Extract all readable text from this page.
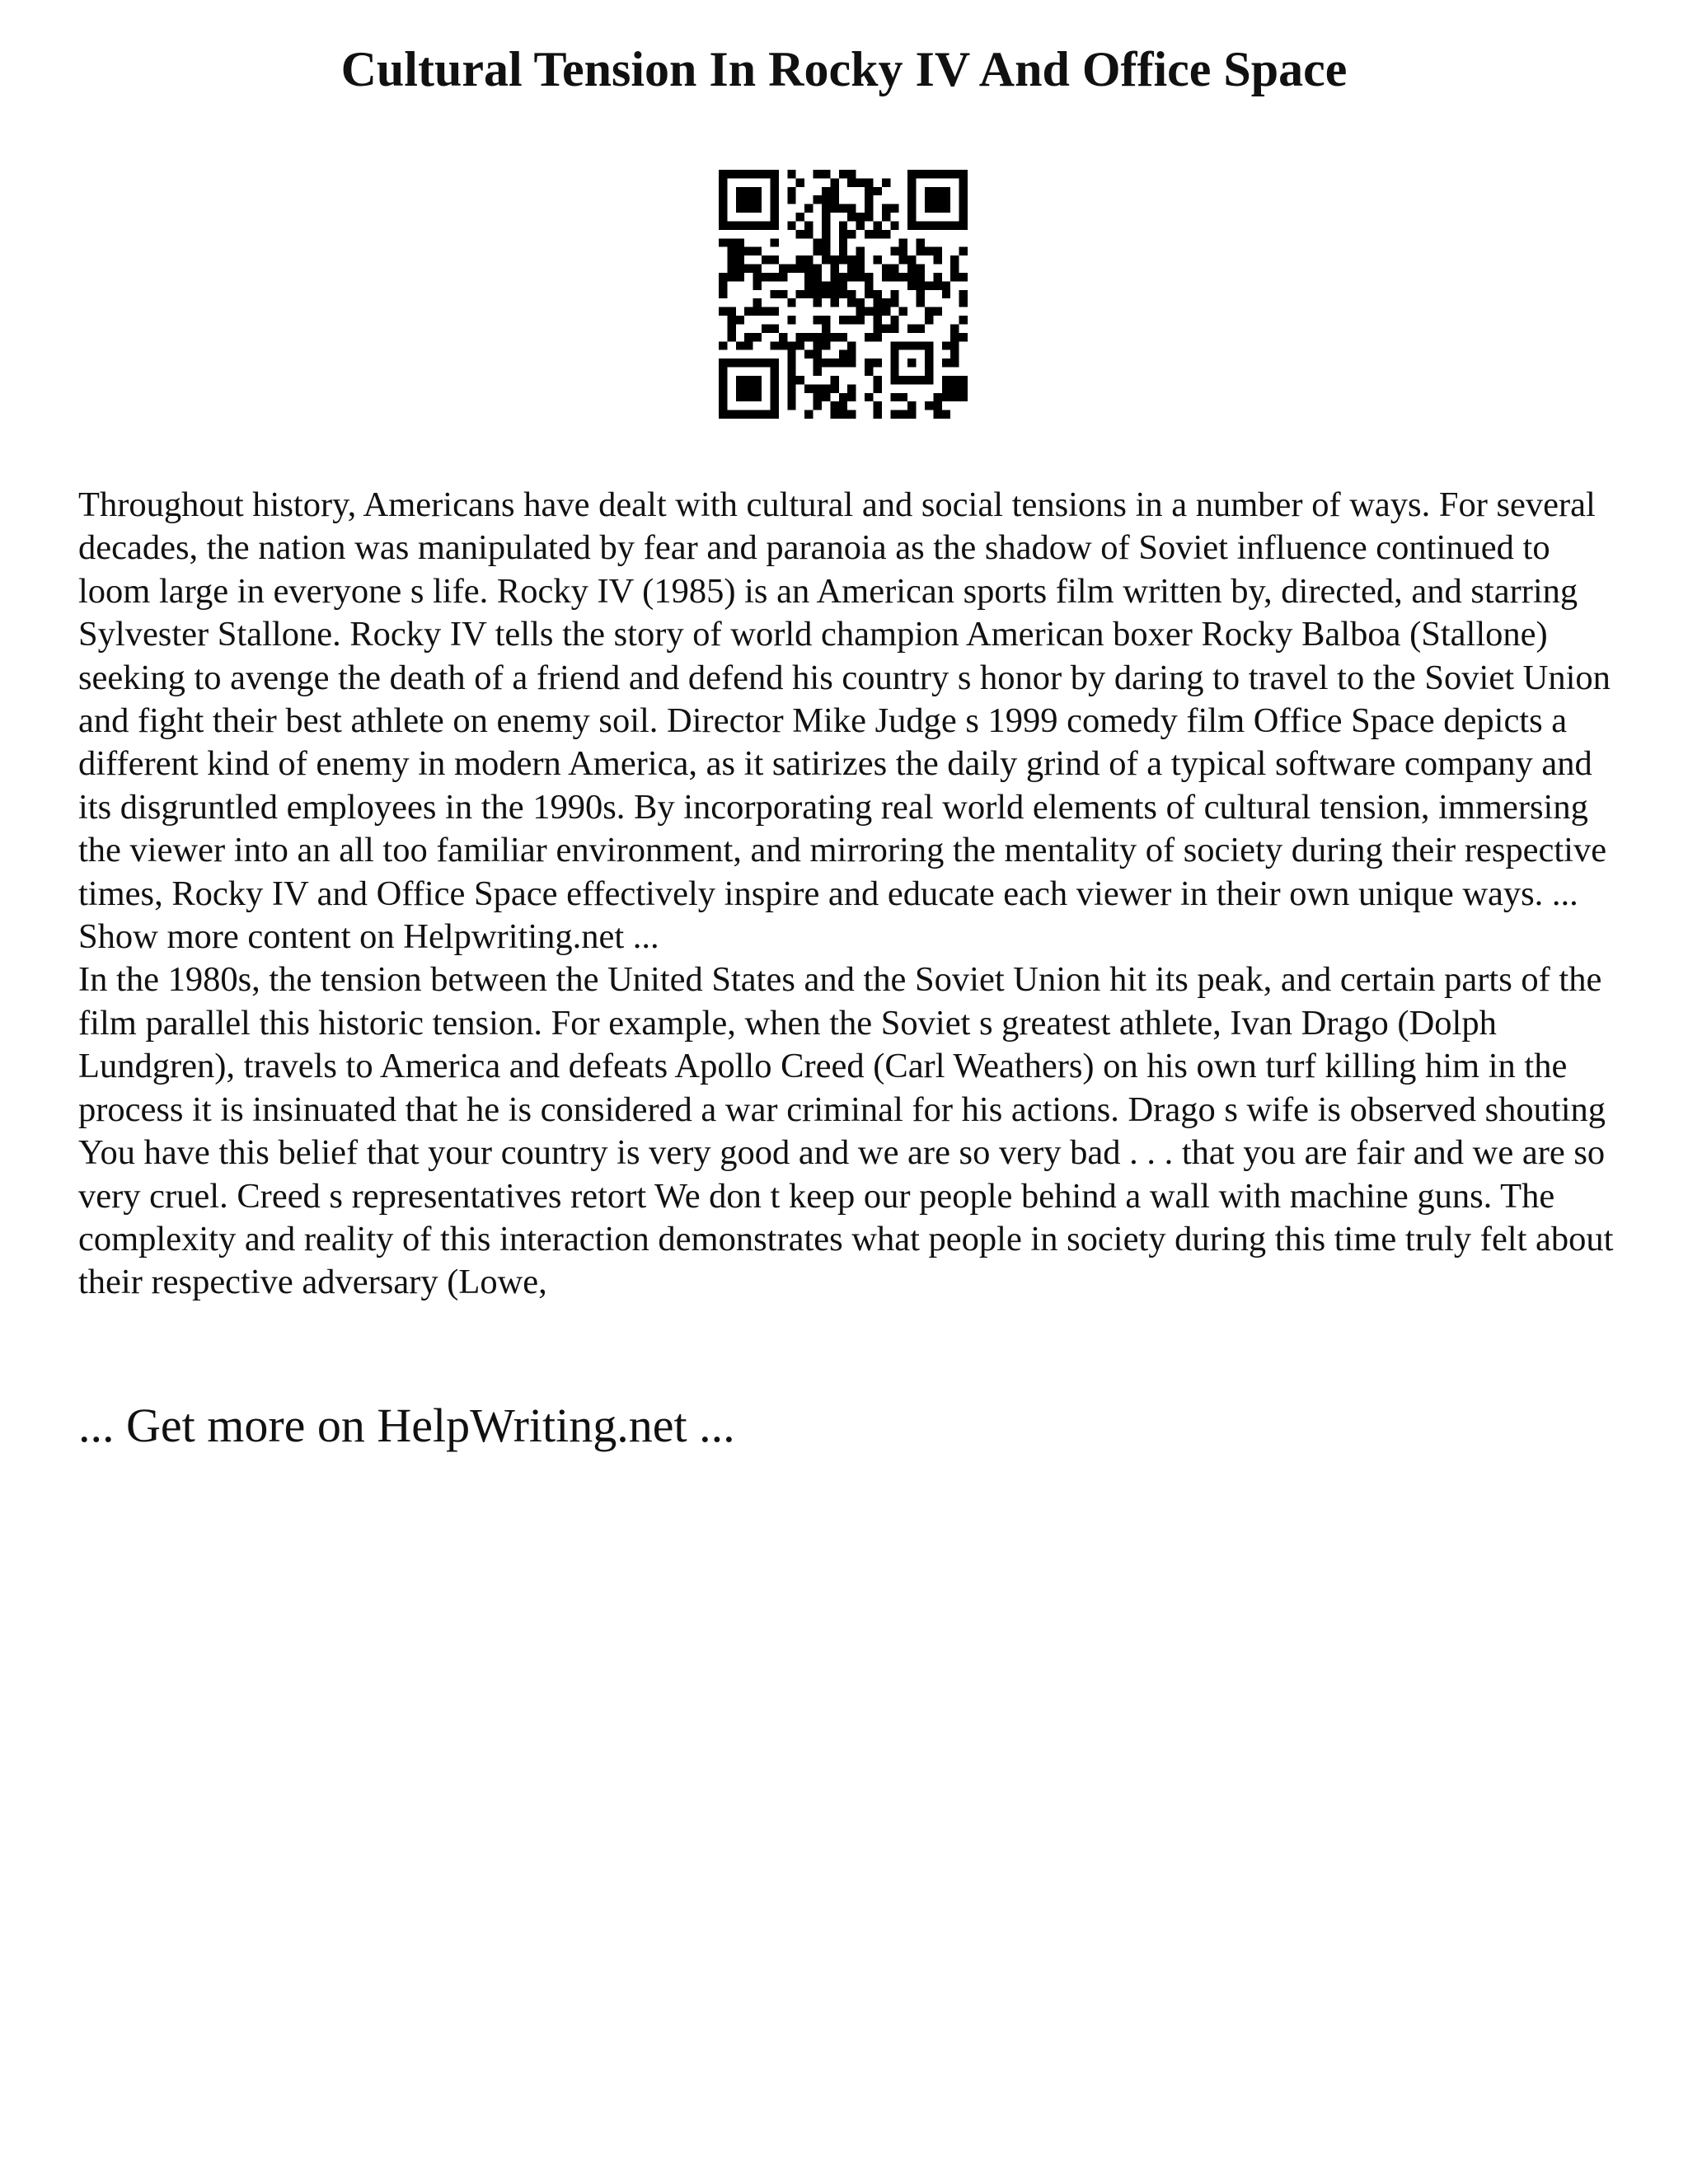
Cultural Tension In Rocky IV And Office Space

Throughout history, Americans have dealt with cultural and social tensions in a number of ways. For several decades, the nation was manipulated by fear and paranoia as the shadow of Soviet influence continued to loom large in everyone s life. Rocky IV (1985) is an American sports film written by, directed, and starring Sylvester Stallone. Rocky IV tells the story of world champion American boxer Rocky Balboa (Stallone) seeking to avenge the death of a friend and defend his country s honor by daring to travel to the Soviet Union and fight their best athlete on enemy soil. Director Mike Judge s 1999 comedy film Office Space depicts a different kind of enemy in modern America, as it satirizes the daily grind of a typical software company and its disgruntled employees in the 1990s. By incorporating real world elements of cultural tension, immersing the viewer into an all too familiar environment, and mirroring the mentality of society during their respective times, Rocky IV and Office Space effectively inspire and educate each viewer in their own unique ways. ... Show more content on Helpwriting.net ...

In the 1980s, the tension between the United States and the Soviet Union hit its peak, and certain parts of the film parallel this historic tension. For example, when the Soviet s greatest athlete, Ivan Drago (Dolph Lundgren), travels to America and defeats Apollo Creed (Carl Weathers) on his own turf killing him in the process it is insinuated that he is considered a war criminal for his actions. Drago s wife is observed shouting You have this belief that your country is very good and we are so very bad . . . that you are fair and we are so very cruel. Creed s representatives retort We don t keep our people behind a wall with machine guns. The complexity and reality of this interaction demonstrates what people in society during this time truly felt about their respective adversary (Lowe,

... Get more on HelpWriting.net ...
